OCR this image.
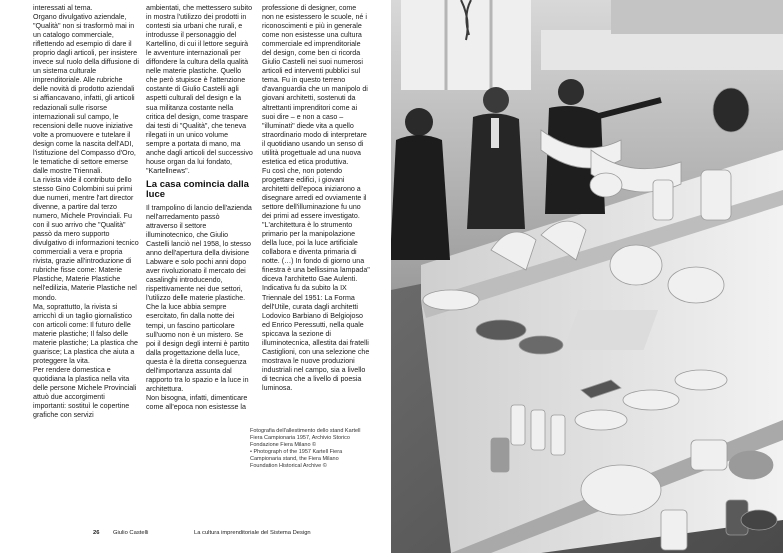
interessati al tema.

Organo divulgativo aziendale, "Qualità" non si trasformò mai in un catalogo commerciale, riflettendo ad esempio di dare il proprio dagli articoli, per insistere invece sul ruolo della diffusione di un sistema culturale imprenditoriale. Alle rubriche delle novità di prodotto aziendali si affiancavano, infatti, gli articoli redazionali sulle risorse internazionali sul campo, le recensioni delle nuove iniziative volte a promuovere e tutelare il design come la nascita dell'ADI, l'istituzione del Compasso d'Oro, le tematiche di settore emerse dalle mostre Triennali.

La rivista vide il contributo dello stesso Gino Colombini sui primi due numeri, mentre l'art director divenne, a partire dal terzo numero, Michele Provinciali. Fu con il suo arrivo che "Qualità" passò da mero supporto divulgativo di informazioni tecnico commerciali a vera e propria rivista, grazie all'introduzione di rubriche fisse come: Materie Plastiche, Materie Plastiche nell'edilizia, Materie Plastiche nel mondo.

Ma, soprattutto, la rivista si arricchì di un taglio giornalistico con articoli come: Il futuro delle materie plastiche; Il falso delle materie plastiche; La plastica che guarisce; La plastica che aiuta a proteggere la vita.

Per rendere domestica e quotidiana la plastica nella vita delle persone Michele Provinciali attuò due accorgimenti importanti: sostituì le copertine grafiche con servizi

ambientati, che mettessero subito in mostra l'utilizzo dei prodotti in contesti sia urbani che rurali, e introdusse il personaggio del Kartellino, di cui il lettore seguirà le avventure internazionali per diffondere la cultura della qualità nelle materie plastiche. Quello che però stupisce è l'attenzione costante di Giulio Castelli agli aspetti culturali del design e la sua militanza costante nella critica del design, come traspare dai testi di "Qualità", che teneva rilegati in un unico volume sempre a portata di mano, ma anche dagli articoli del successivo house organ da lui fondato, "Kartellnews".

La casa comincia dalla luce

Il trampolino di lancio dell'azienda nell'arredamento passò attraverso il settore illuminotecnico, che Giulio Castelli lanciò nel 1958, lo stesso anno dell'apertura della divisione Labware e solo pochi anni dopo aver rivoluzionato il mercato dei casalinghi introducendo, rispettivamente nei due settori, l'utilizzo delle materie plastiche.

Che la luce abbia sempre esercitato, fin dalla notte dei tempi, un fascino particolare sull'uomo non è un mistero. Se poi il design degli interni è partito dalla progettazione della luce, questa è la diretta conseguenza dell'importanza assunta dal rapporto tra lo spazio e la luce in architettura.

Non bisogna, infatti, dimenticare come all'epoca non esistesse la

professione di designer, come non ne esistessero le scuole, né i riconoscimenti e più in generale come non esistesse una cultura commerciale ed imprenditoriale del design, come ben ci ricorda Giulio Castelli nei suoi numerosi articoli ed interventi pubblici sul tema. Fu in questo terreno d'avanguardia che un manipolo di giovani architetti, sostenuti da altrettanti imprenditori come ai suoi dire – e non a caso – "illuminati" diede vita a quello straordinario modo di interpretare il quotidiano usando un senso di utilità progettuale ad una nuova estetica ed etica produttiva.

Fu così che, non potendo progettare edifici, i giovani architetti dell'epoca iniziarono a disegnare arredi ed ovviamente il settore dell'illuminazione fu uno dei primi ad essere investigato.

"L'architettura è lo strumento primario per la manipolazione della luce, poi la luce artificiale collabora e diventa primaria di notte. (…) In fondo di giorno una finestra è una bellissima lampada" diceva l'architetto Gae Aulenti.

Indicativa fu da subito la IX Triennale del 1951: La Forma dell'Utile, curata dagli architetti Lodovico Barbiano di Belgiojoso ed Enrico Peressutti, nella quale spiccava la sezione di illuminotecnica, allestita dai fratelli Castiglioni, con una selezione che mostrava le nuove produzioni industriali nel campo, sia a livello di tecnica che a livello di poesia luminosa.

Fotografia dell'allestimento dello stand Kartell Fiera Campionaria 1957, Archivio Storico Fondazione Fiera Milano ©

• Photograph of the 1957 Kartell Fiera Campionaria stand, the Fiera Milano Foundation Historical Archive ©

26 Giulio Castelli	La cultura imprenditoriale del Sistema Design
